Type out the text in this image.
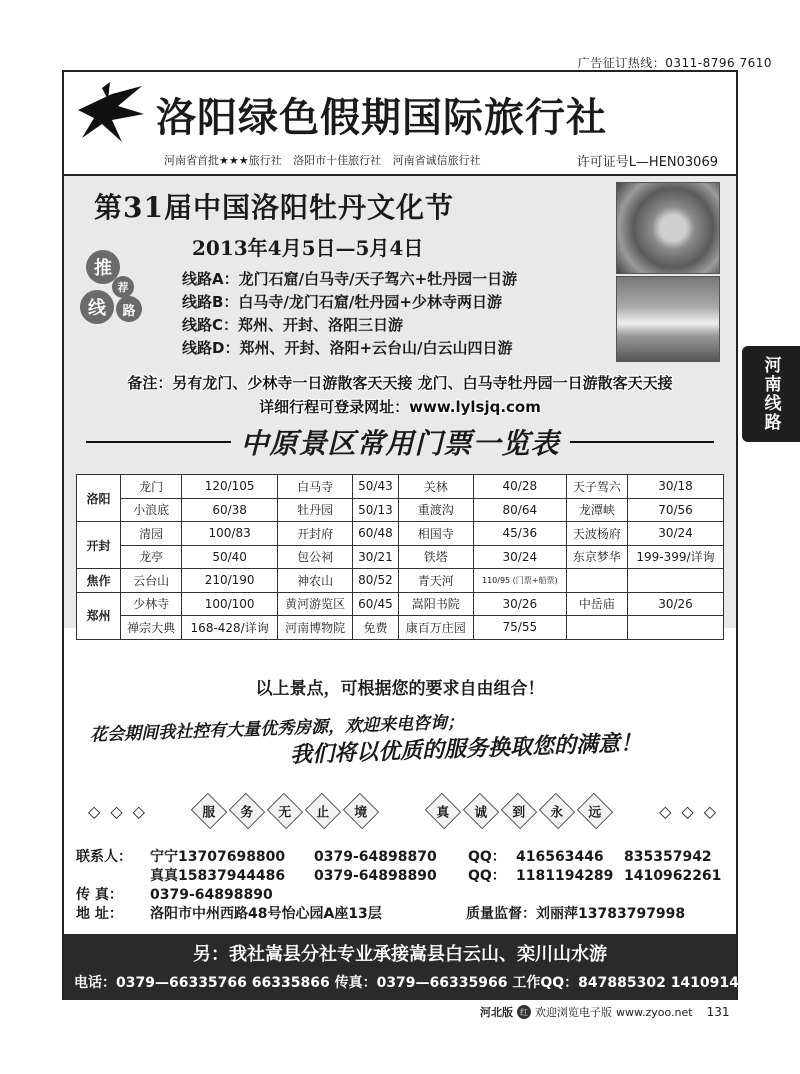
广告征订热线：0311-8796 7610
洛阳绿色假期国际旅行社
河南省首批★★★旅行社 洛阳市十佳旅行社 河南省诚信旅行社	许可证号L—HEN03069
第31届中国洛阳牡丹文化节
2013年4月5日—5月4日
推
荐
线	路
线路A：龙门石窟/白马寺/天子驾六+牡丹园一日游
线路B：白马寺/龙门石窟/牡丹园+少林寺两日游
线路C：郑州、开封、洛阳三日游
线路D：郑州、开封、洛阳+云台山/白云山四日游
备注：另有龙门、少林寺一日游散客天天接 龙门、白马寺牡丹园一日游散客天天接
详细行程可登录网址：www.lylsjq.com
中原景区常用门票一览表
洛阳	龙门	120/105	白马寺	50/43	关林	40/28	天子驾六	30/18
	小浪底	60/38	牡丹园	50/13	重渡沟	80/64	龙潭峡	70/56
开封	清园	100/83	开封府	60/48	相国寺	45/36	天波杨府	30/24
	龙亭	50/40	包公祠	30/21	铁塔	30/24	东京梦华	199-399/详询
焦作	云台山	210/190	神农山	80/52	青天河	110/95 (门票+船票)		
郑州	少林寺	100/100	黄河游览区	60/45	嵩阳书院	30/26	中岳庙	30/26
	禅宗大典	168-428/详询	河南博物院	免费	康百万庄园	75/55		
以上景点，可根据您的要求自由组合！
花会期间我社控有大量优秀房源，欢迎来电咨询；
我们将以优质的服务换取您的满意！
◇ ◇ ◇	服 务 无 止 境	真 诚 到 永 远	◇ ◇ ◇
联系人： 宁宁13707698800 0379-64898870 QQ： 416563446 835357942
真真15837944486 0379-64898890 QQ： 1181194289 1410962261
传 真： 0379-64898890
地 址： 洛阳市中州西路48号怡心园A座13层	质量监督：刘丽萍13783797998
另：我社嵩县分社专业承接嵩县白云山、栾川山水游
电话：0379—66335766 66335866 传真：0379—66335966 工作QQ：847885302 1410914283
河北版 红 欢迎浏览电子版 www.zyoo.net 131
河南线路
